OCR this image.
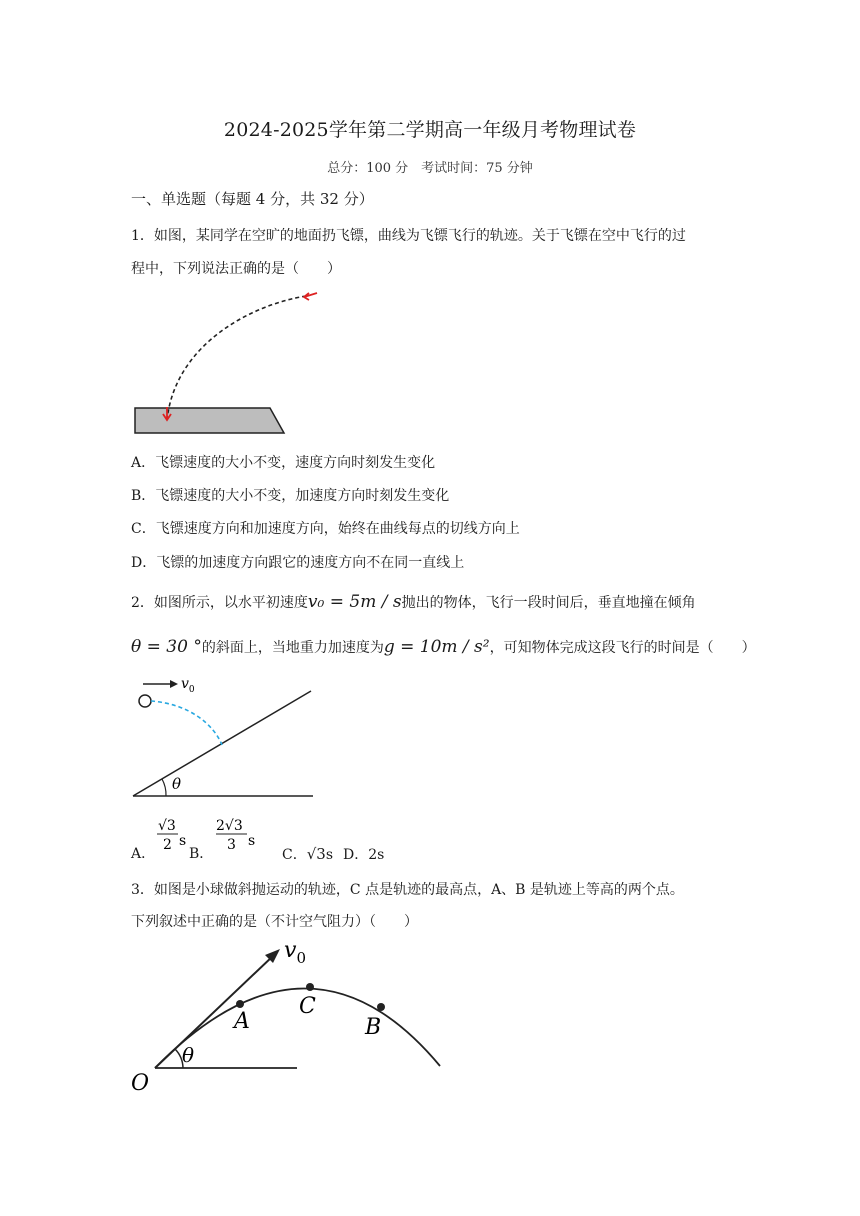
2024-2025学年第二学期高一年级月考物理试卷
总分：100 分　考试时间：75 分钟
一、单选题（每题 4 分，共 32 分）
1．如图，某同学在空旷的地面扔飞镖，曲线为飞镖飞行的轨迹。关于飞镖在空中飞行的过
程中，下列说法正确的是（　　）
A．飞镖速度的大小不变，速度方向时刻发生变化
B．飞镖速度的大小不变，加速度方向时刻发生变化
C．飞镖速度方向和加速度方向，始终在曲线每点的切线方向上
D．飞镖的加速度方向跟它的速度方向不在同一直线上
2．如图所示，以水平初速度v₀ = 5m / s抛出的物体，飞行一段时间后，垂直地撞在倾角
θ = 30 °的斜面上，当地重力加速度为g = 10m / s²，可知物体完成这段飞行的时间是（　　）
θ
$v_0$
A．
√3
2 s
B．
2√3
3 s
C．√3s D．2s
3．如图是小球做斜抛运动的轨迹，C 点是轨迹的最高点，A、B 是轨迹上等高的两个点。
下列叙述中正确的是（不计空气阻力）（　　）
$v_0$
A
C
B
O
θ
